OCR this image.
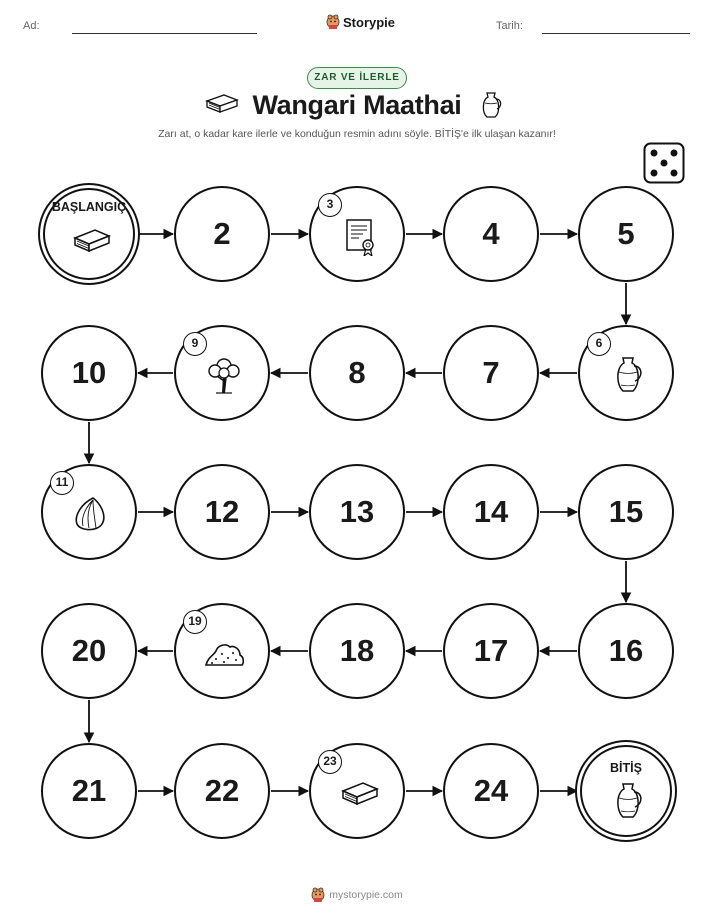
Ad:	Storypie	Tarih:
ZAR VE İLERLE
Wangari Maathai
Zarı at, o kadar kare ilerle ve konduğun resmin adını söyle. BİTİŞ'e ilk ulaşan kazanır!
BAŞLANGIÇ
2
3
4	5
6
7
8
9
10
11
12	13	14	15
16
17
18
19
20
21	22
23
24
BİTİŞ
mystorypie.com
